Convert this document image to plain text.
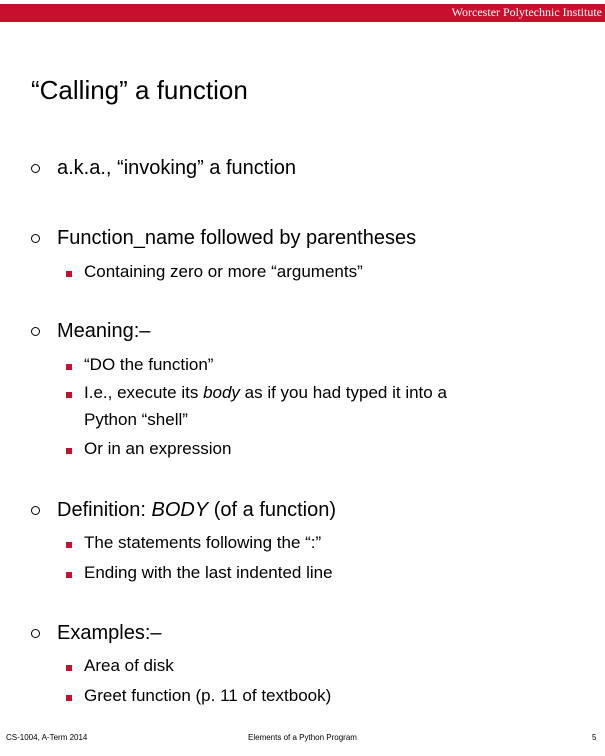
Worcester Polytechnic Institute
“Calling” a function
a.k.a., “invoking” a function
Function_name followed by parentheses
Containing zero or more “arguments”
Meaning:–
“DO the function”
I.e., execute its body as if you had typed it into a
Python “shell”
Or in an expression
Definition: BODY (of a function)
The statements following the “:”
Ending with the last indented line
Examples:–
Area of disk
Greet function (p. 11 of textbook)
CS-1004, A-Term 2014	Elements of a Python Program	5
